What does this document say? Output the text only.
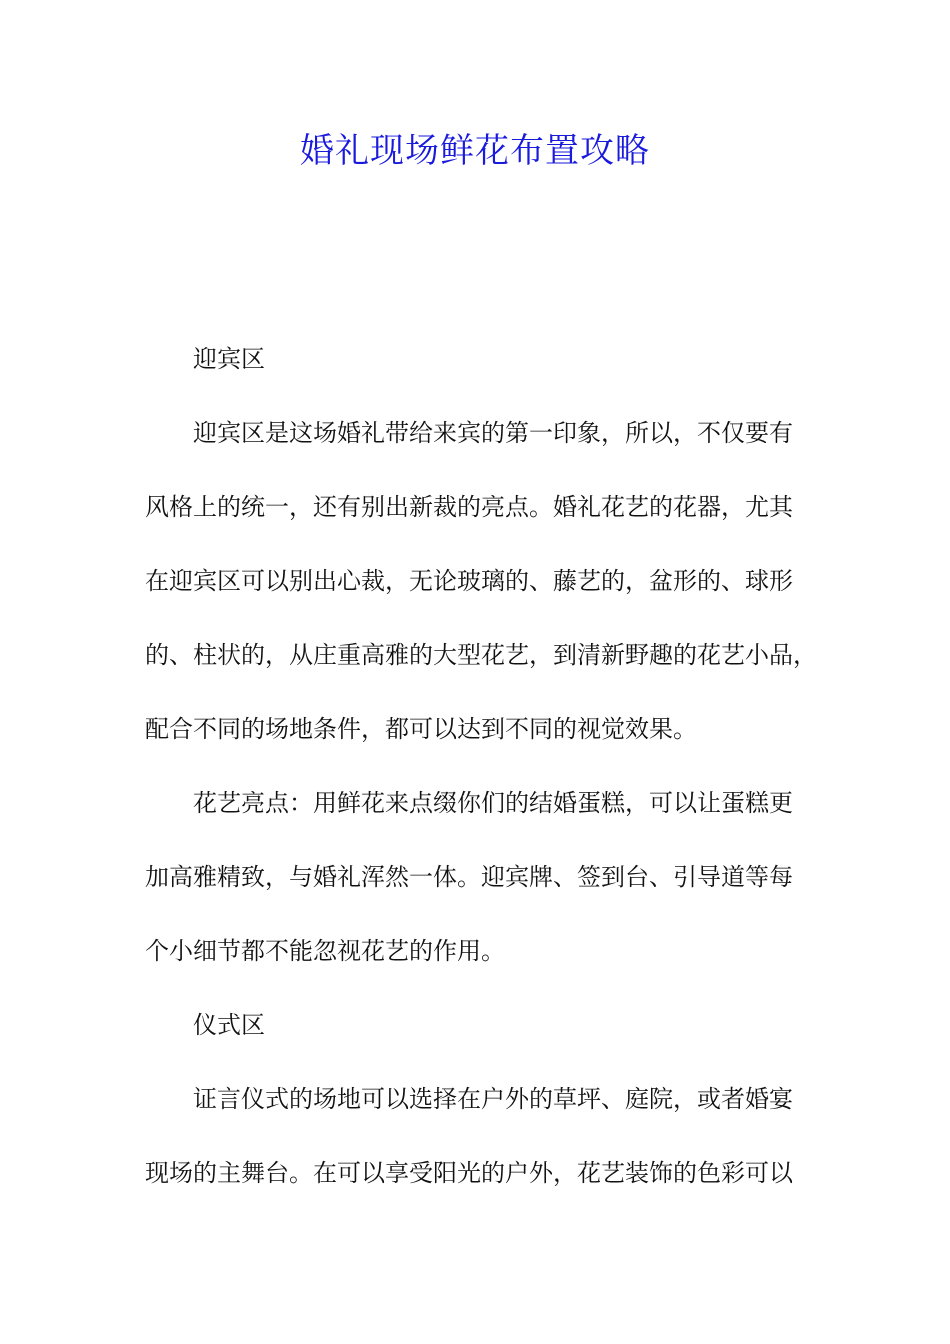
婚礼现场鲜花布置攻略
迎宾区
迎宾区是这场婚礼带给来宾的第一印象，所以，不仅要有
风格上的统一，还有别出新裁的亮点。婚礼花艺的花器，尤其
在迎宾区可以别出心裁，无论玻璃的、藤艺的，盆形的、球形
的、柱状的，从庄重高雅的大型花艺，到清新野趣的花艺小品，
配合不同的场地条件，都可以达到不同的视觉效果。
花艺亮点：用鲜花来点缀你们的结婚蛋糕，可以让蛋糕更
加高雅精致，与婚礼浑然一体。迎宾牌、签到台、引导道等每
个小细节都不能忽视花艺的作用。
仪式区
证言仪式的场地可以选择在户外的草坪、庭院，或者婚宴
现场的主舞台。在可以享受阳光的户外，花艺装饰的色彩可以
